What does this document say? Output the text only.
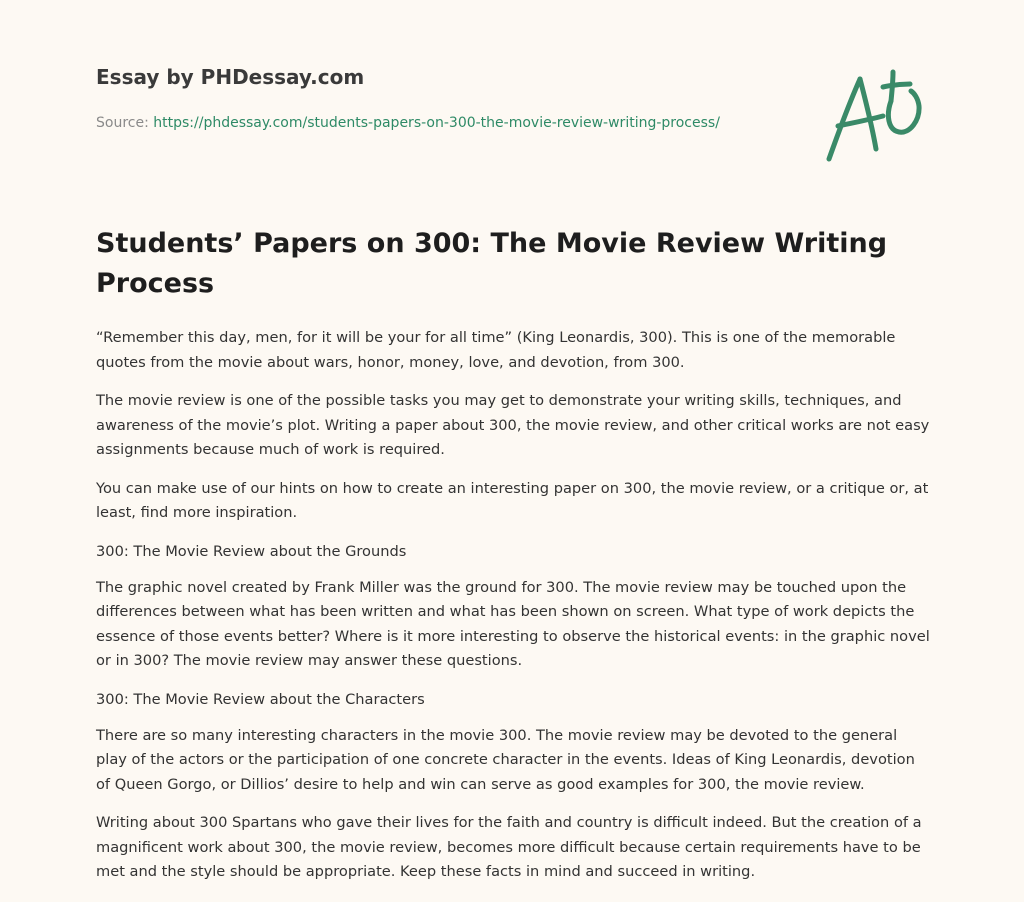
Essay by PHDessay.com

Source: https://phdessay.com/students-papers-on-300-the-movie-review-writing-process/

Students’ Papers on 300: The Movie Review Writing Process

“Remember this day, men, for it will be your for all time” (King Leonardis, 300). This is one of the memorable quotes from the movie about wars, honor, money, love, and devotion, from 300.

The movie review is one of the possible tasks you may get to demonstrate your writing skills, techniques, and awareness of the movie’s plot. Writing a paper about 300, the movie review, and other critical works are not easy assignments because much of work is required.

You can make use of our hints on how to create an interesting paper on 300, the movie review, or a critique or, at least, find more inspiration.

300: The Movie Review about the Grounds

The graphic novel created by Frank Miller was the ground for 300. The movie review may be touched upon the differences between what has been written and what has been shown on screen. What type of work depicts the essence of those events better? Where is it more interesting to observe the historical events: in the graphic novel or in 300? The movie review may answer these questions.

300: The Movie Review about the Characters

There are so many interesting characters in the movie 300. The movie review may be devoted to the general play of the actors or the participation of one concrete character in the events. Ideas of King Leonardis, devotion of Queen Gorgo, or Dillios’ desire to help and win can serve as good examples for 300, the movie review.

Writing about 300 Spartans who gave their lives for the faith and country is difficult indeed. But the creation of a magnificent work about 300, the movie review, becomes more difficult because certain requirements have to be met and the style should be appropriate. Keep these facts in mind and succeed in writing.
